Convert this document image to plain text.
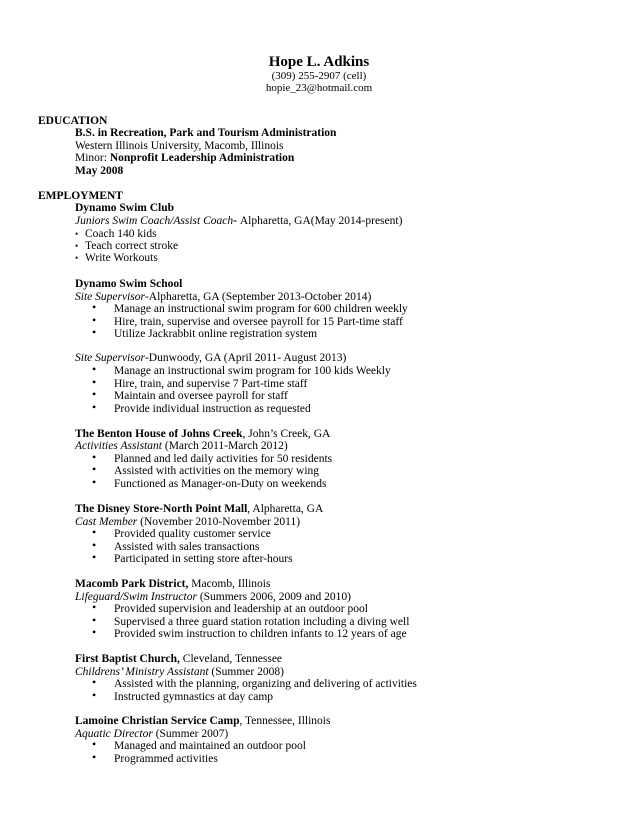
Hope L. Adkins
(309) 255-2907 (cell)
hopie_23@hotmail.com
EDUCATION
B.S. in Recreation, Park and Tourism Administration
Western Illinois University, Macomb, Illinois
Minor: Nonprofit Leadership Administration
May 2008
EMPLOYMENT
Dynamo Swim Club
Juniors Swim Coach/Assist Coach- Alpharetta, GA(May 2014-present)
• Coach 140 kids
• Teach correct stroke
• Write Workouts
Dynamo Swim School
Site Supervisor-Alpharetta, GA (September 2013-October 2014)
• Manage an instructional swim program for 600 children weekly
• Hire, train, supervise and oversee payroll for 15 Part-time staff
• Utilize Jackrabbit online registration system
Site Supervisor-Dunwoody, GA (April 2011- August 2013)
• Manage an instructional swim program for 100 kids Weekly
• Hire, train, and supervise 7 Part-time staff
• Maintain and oversee payroll for staff
• Provide individual instruction as requested
The Benton House of Johns Creek, John’s Creek, GA
Activities Assistant (March 2011-March 2012)
• Planned and led daily activities for 50 residents
• Assisted with activities on the memory wing
• Functioned as Manager-on-Duty on weekends
The Disney Store-North Point Mall, Alpharetta, GA
Cast Member (November 2010-November 2011)
• Provided quality customer service
• Assisted with sales transactions
• Participated in setting store after-hours
Macomb Park District, Macomb, Illinois
Lifeguard/Swim Instructor (Summers 2006, 2009 and 2010)
• Provided supervision and leadership at an outdoor pool
• Supervised a three guard station rotation including a diving well
• Provided swim instruction to children infants to 12 years of age
First Baptist Church, Cleveland, Tennessee
Childrens’ Ministry Assistant (Summer 2008)
• Assisted with the planning, organizing and delivering of activities
• Instructed gymnastics at day camp
Lamoine Christian Service Camp, Tennessee, Illinois
Aquatic Director (Summer 2007)
• Managed and maintained an outdoor pool
• Programmed activities
